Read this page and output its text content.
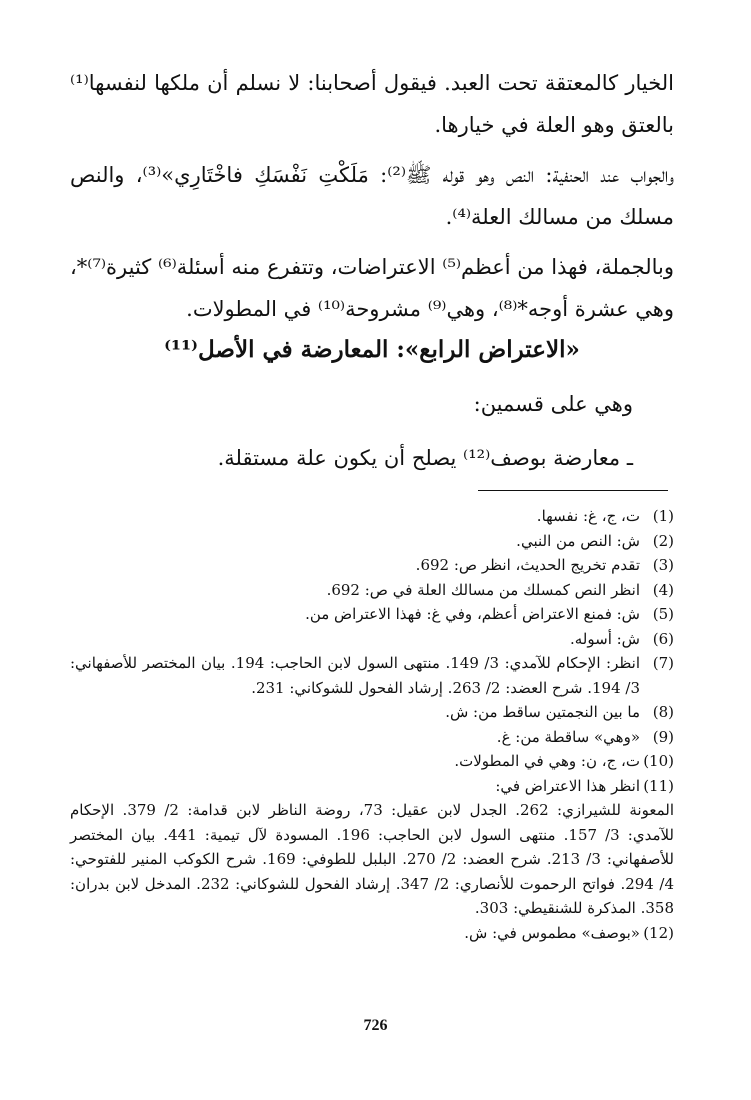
الخيار كالمعتقة تحت العبد. فيقول أصحابنا: لا نسلم أن ملكها لنفسها⁽¹⁾ بالعتق وهو العلة في خيارها.

والجواب عند الحنفية: النص وهو قوله ﷺ⁽²⁾: مَلَكْتِ نَفْسَكِ فاخْتَارِي»⁽³⁾، والنص مسلك من مسالك العلة⁽⁴⁾.

وبالجملة، فهذا من أعظم⁽⁵⁾ الاعتراضات، وتتفرع منه أسئلة⁽⁶⁾ كثيرة⁽⁷⁾*، وهي عشرة أوجه*⁽⁸⁾، وهي⁽⁹⁾ مشروحة⁽¹⁰⁾ في المطولات.

«الاعتراض الرابع»: المعارضة في الأصل⁽¹¹⁾
وهي على قسمين:
ـ معارضة بوصف⁽¹²⁾ يصلح أن يكون علة مستقلة.
(1)
ت، ج، غ: نفسها.
(2)
ش: النص من النبي.
(3)
تقدم تخريج الحديث، انظر ص: 692.
(4)
انظر النص كمسلك من مسالك العلة في ص: 692.
(5)
ش: فمنع الاعتراض أعظم، وفي غ: فهذا الاعتراض من.
(6)
ش: أسوله.
(7)
انظر: الإحكام للآمدي: 3/ 149. منتهى السول لابن الحاجب: 194. بيان المختصر للأصفهاني: 3/ 194. شرح العضد: 2/ 263. إرشاد الفحول للشوكاني: 231.
(8)
ما بين النجمتين ساقط من: ش.
(9)
«وهي» ساقطة من: غ.
(10)
ت، ج، ن: وهي في المطولات.
(11)
انظر هذا الاعتراض في:
المعونة للشيرازي: 262. الجدل لابن عقيل: 73، روضة الناظر لابن قدامة: 2/ 379. الإحكام للآمدي: 3/ 157. منتهى السول لابن الحاجب: 196. المسودة لآل تيمية: 441. بيان المختصر للأصفهاني: 3/ 213. شرح العضد: 2/ 270. البلبل للطوفي: 169. شرح الكوكب المنير للفتوحي: 4/ 294. فواتح الرحموت للأنصاري: 2/ 347. إرشاد الفحول للشوكاني: 232. المدخل لابن بدران: 358. المذكرة للشنقيطي: 303.
(12)
«بوصف» مطموس في: ش.
726
